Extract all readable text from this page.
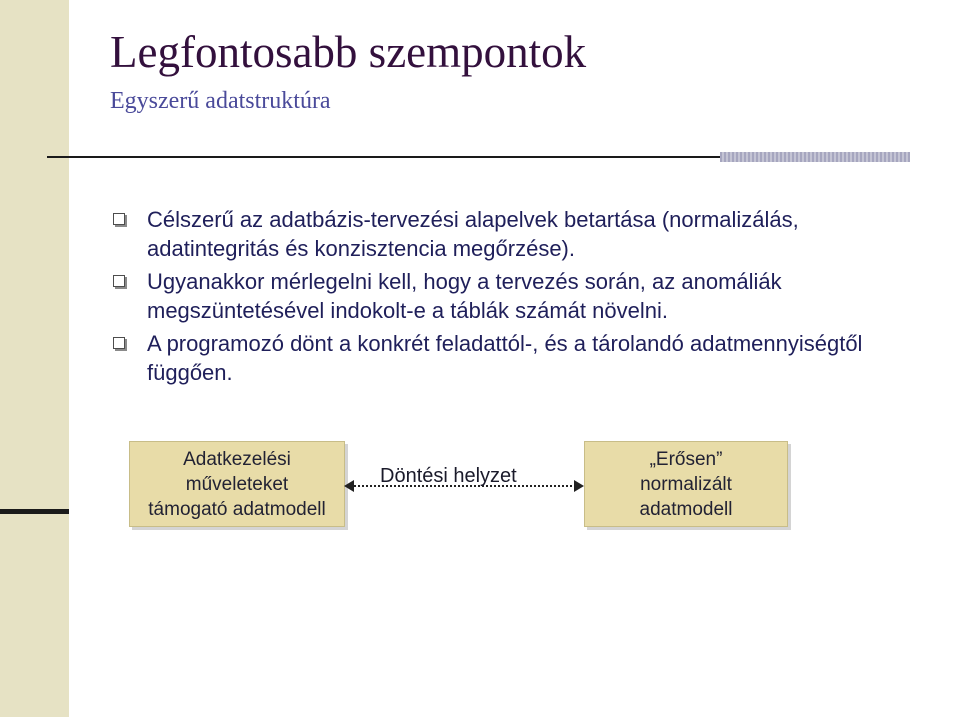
Legfontosabb szempontok
Egyszerű adatstruktúra
Célszerű az adatbázis-tervezési alapelvek betartása (normalizálás, adatintegritás és konzisztencia megőrzése).
Ugyanakkor mérlegelni kell, hogy a tervezés során, az anomáliák megszüntetésével indokolt-e a táblák számát növelni.
A programozó dönt a konkrét feladattól-, és a tárolandó adatmennyiségtől függően.
Adatkezelési
műveleteket
támogató adatmodell
Döntési helyzet
„Erősen”
normalizált
adatmodell
